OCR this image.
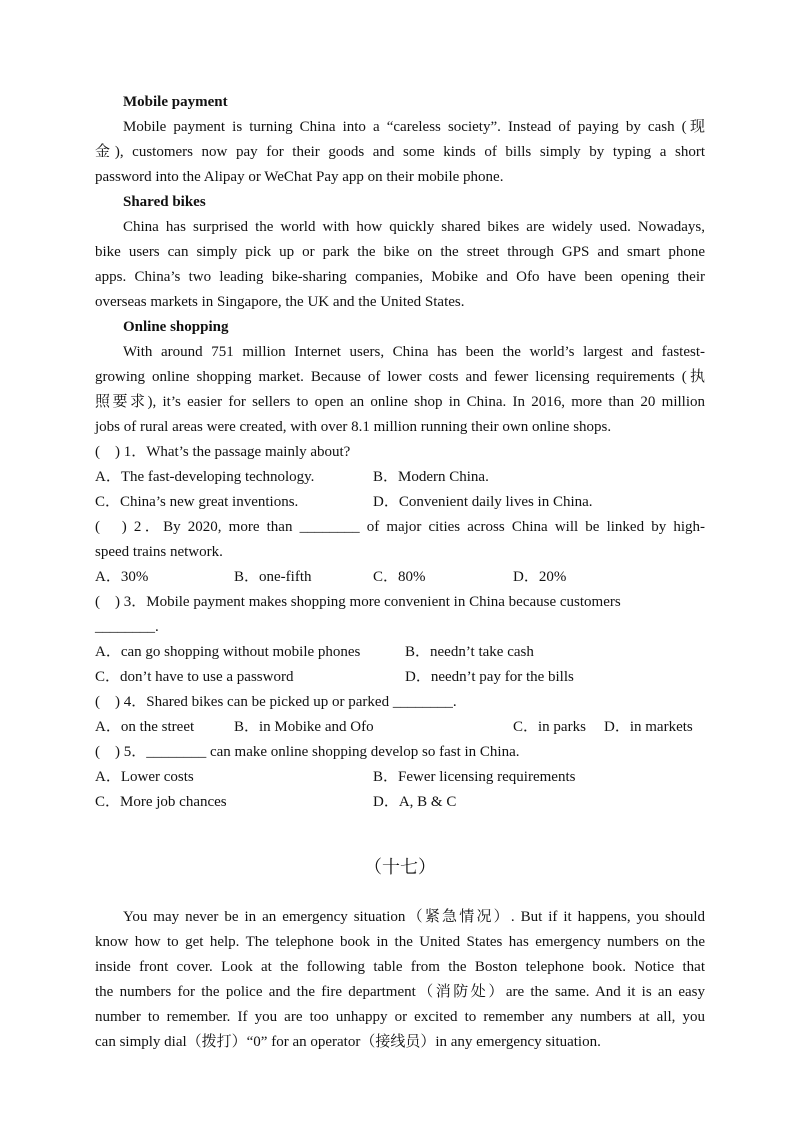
Mobile payment
Mobile payment is turning China into a “careless society”. Instead of paying by cash (现
金), customers now pay for their goods and some kinds of bills simply by typing a short
password into the Alipay or WeChat Pay app on their mobile phone.
Shared bikes
China has surprised the world with how quickly shared bikes are widely used. Nowadays,
bike users can simply pick up or park the bike on the street through GPS and smart phone
apps. China’s two leading bike-sharing companies, Mobike and Ofo have been opening their
overseas markets in Singapore, the UK and the United States.
Online shopping
With around 751 million Internet users, China has been the world’s largest and fastest-
growing online shopping market. Because of lower costs and fewer licensing requirements (执
照要求), it’s easier for sellers to open an online shop in China. In 2016, more than 20 million
jobs of rural areas were created, with over 8.1 million running their own online shops.
(　) 1．What’s the passage mainly about?
A．The fast-developing technology.	B．Modern China.
C．China’s new great inventions.	D．Convenient daily lives in China.
(　) 2．By 2020, more than ________ of major cities across China will be linked by high-
speed trains network.
A．30%	B．one-fifth	C．80%	D．20%
(　) 3．Mobile payment makes shopping more convenient in China because customers
________.
A．can go shopping without mobile phones	B．needn’t take cash
C．don’t have to use a password	D．needn’t pay for the bills
(　) 4．Shared bikes can be picked up or parked ________.
A．on the street	B．in Mobike and Ofo	C．in parks D．in markets
(　) 5．________ can make online shopping develop so fast in China.
A．Lower costs	B．Fewer licensing requirements
C．More job chances	D．A, B & C
（十七）
You may never be in an emergency situation（紧急情况）. But if it happens, you should
know how to get help. The telephone book in the United States has emergency numbers on the
inside front cover. Look at the following table from the Boston telephone book. Notice that
the numbers for the police and the fire department（消防处）are the same. And it is an easy
number to remember. If you are too unhappy or excited to remember any numbers at all, you
can simply dial（拨打）“0” for an operator（接线员）in any emergency situation.
